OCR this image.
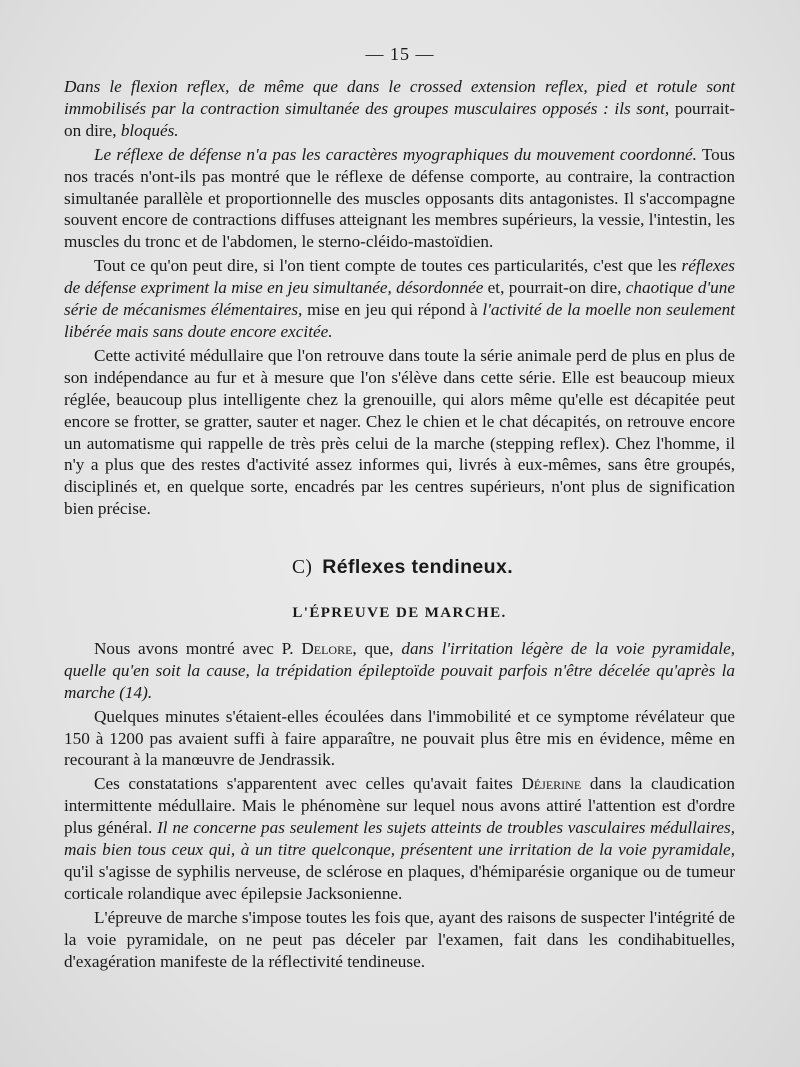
— 15 —

Dans le flexion reflex, de même que dans le crossed extension reflex, pied et rotule sont immobilisés par la contraction simultanée des groupes musculaires opposés : ils sont, pourrait-on dire, bloqués.

Le réflexe de défense n'a pas les caractères myographiques du mouvement coordonné. Tous nos tracés n'ont-ils pas montré que le réflexe de défense comporte, au contraire, la contraction simultanée parallèle et proportionnelle des muscles opposants dits antagonistes. Il s'accompagne souvent encore de contractions diffuses atteignant les membres supérieurs, la vessie, l'intestin, les muscles du tronc et de l'abdomen, le sterno-cléido-mastoïdien.

Tout ce qu'on peut dire, si l'on tient compte de toutes ces particularités, c'est que les réflexes de défense expriment la mise en jeu simultanée, désordonnée et, pourrait-on dire, chaotique d'une série de mécanismes élémentaires, mise en jeu qui répond à l'activité de la moelle non seulement libérée mais sans doute encore excitée.

Cette activité médullaire que l'on retrouve dans toute la série animale perd de plus en plus de son indépendance au fur et à mesure que l'on s'élève dans cette série. Elle est beaucoup mieux réglée, beaucoup plus intelligente chez la grenouille, qui alors même qu'elle est décapitée peut encore se frotter, se gratter, sauter et nager. Chez le chien et le chat décapités, on retrouve encore un automatisme qui rappelle de très près celui de la marche (stepping reflex). Chez l'homme, il n'y a plus que des restes d'activité assez informes qui, livrés à eux-mêmes, sans être groupés, disciplinés et, en quelque sorte, encadrés par les centres supérieurs, n'ont plus de signification bien précise.

C) Réflexes tendineux.
L'ÉPREUVE DE MARCHE.

Nous avons montré avec P. Delore, que, dans l'irritation légère de la voie pyramidale, quelle qu'en soit la cause, la trépidation épileptoïde pouvait parfois n'être décelée qu'après la marche (14).

Quelques minutes s'étaient-elles écoulées dans l'immobilité et ce symptome révélateur que 150 à 1200 pas avaient suffi à faire apparaître, ne pouvait plus être mis en évidence, même en recourant à la manœuvre de Jendrassik.

Ces constatations s'apparentent avec celles qu'avait faites Déjerine dans la claudication intermittente médullaire. Mais le phénomène sur lequel nous avons attiré l'attention est d'ordre plus général. Il ne concerne pas seulement les sujets atteints de troubles vasculaires médullaires, mais bien tous ceux qui, à un titre quelconque, présentent une irritation de la voie pyramidale, qu'il s'agisse de syphilis nerveuse, de sclérose en plaques, d'hémiparésie organique ou de tumeur corticale rolandique avec épilepsie Jacksonienne.

L'épreuve de marche s'impose toutes les fois que, ayant des raisons de suspecter l'intégrité de la voie pyramidale, on ne peut pas déceler par l'examen, fait dans les condihabituelles, d'exagération manifeste de la réflectivité tendineuse.
